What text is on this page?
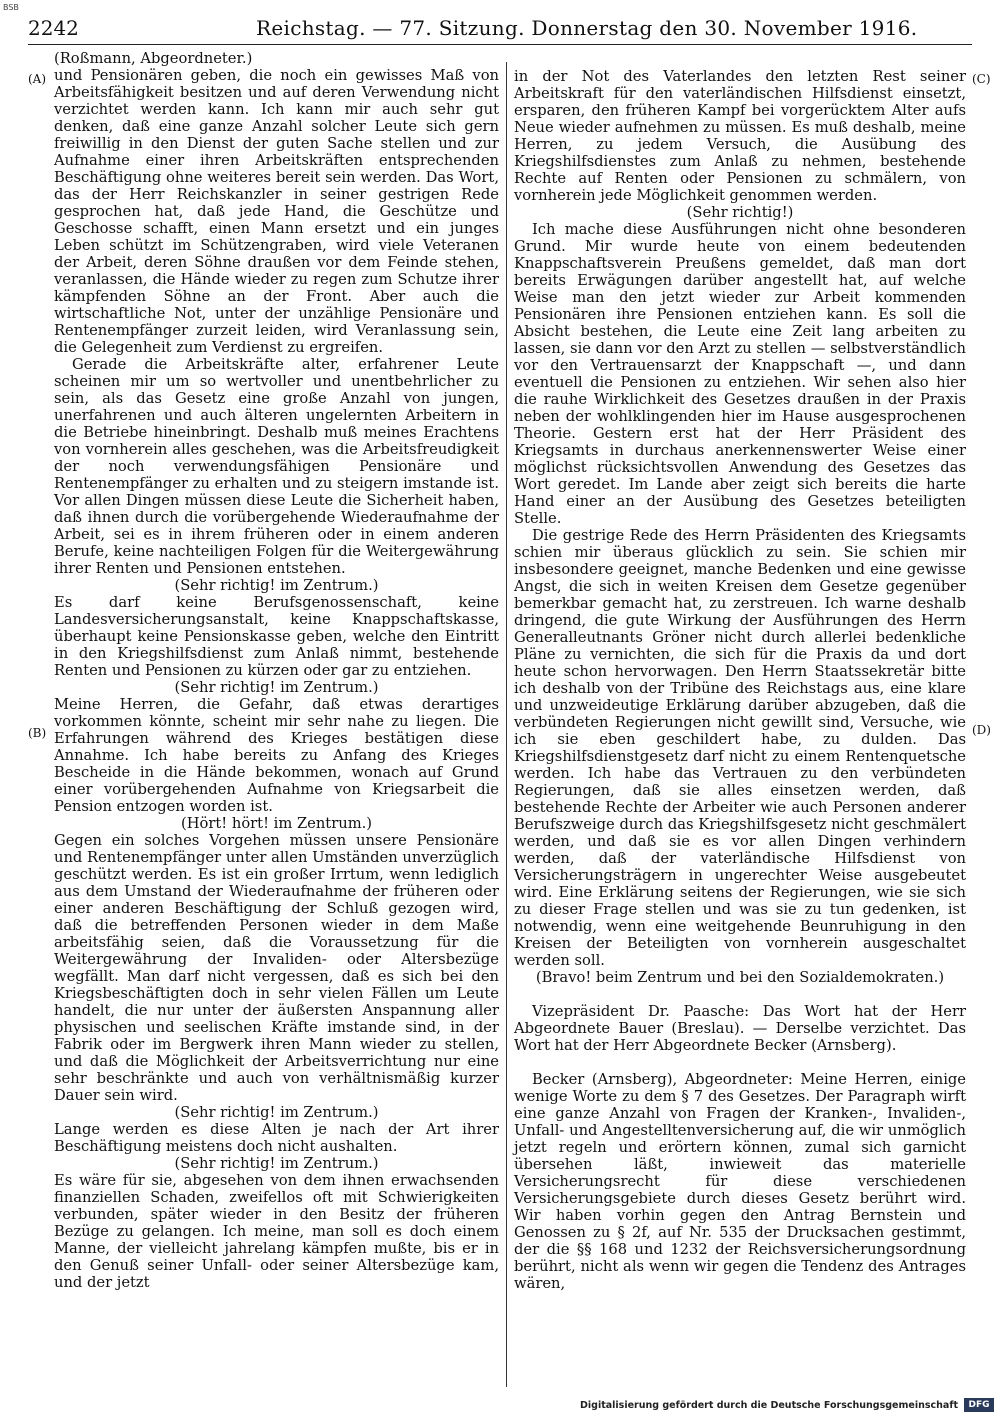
BSB
2242	Reichstag. — 77. Sitzung. Donnerstag den 30. November 1916.
(A)
(B)
(C)
(D)

(Roßmann, Abgeordneter.)

und Pensionären geben, die noch ein gewisses Maß von Arbeitsfähigkeit besitzen und auf deren Verwendung nicht verzichtet werden kann. Ich kann mir auch sehr gut denken, daß eine ganze Anzahl solcher Leute sich gern freiwillig in den Dienst der guten Sache stellen und zur Aufnahme einer ihren Arbeitskräften entsprechenden Beschäftigung ohne weiteres bereit sein werden. Das Wort, das der Herr Reichskanzler in seiner gestrigen Rede gesprochen hat, daß jede Hand, die Geschütze und Geschosse schafft, einen Mann ersetzt und ein junges Leben schützt im Schützengraben, wird viele Veteranen der Arbeit, deren Söhne draußen vor dem Feinde stehen, veranlassen, die Hände wieder zu regen zum Schutze ihrer kämpfenden Söhne an der Front. Aber auch die wirtschaftliche Not, unter der unzählige Pensionäre und Rentenempfänger zurzeit leiden, wird Veranlassung sein, die Gelegenheit zum Verdienst zu ergreifen.

Gerade die Arbeitskräfte alter, erfahrener Leute scheinen mir um so wertvoller und unentbehrlicher zu sein, als das Gesetz eine große Anzahl von jungen, unerfahrenen und auch älteren ungelernten Arbeitern in die Betriebe hineinbringt. Deshalb muß meines Erachtens von vornherein alles geschehen, was die Arbeitsfreudigkeit der noch verwendungsfähigen Pensionäre und Rentenempfänger zu erhalten und zu steigern imstande ist. Vor allen Dingen müssen diese Leute die Sicherheit haben, daß ihnen durch die vorübergehende Wiederaufnahme der Arbeit, sei es in ihrem früheren oder in einem anderen Berufe, keine nachteiligen Folgen für die Weitergewährung ihrer Renten und Pensionen entstehen.

(Sehr richtig! im Zentrum.)

Es darf keine Berufsgenossenschaft, keine Landesversicherungsanstalt, keine Knappschaftskasse, überhaupt keine Pensionskasse geben, welche den Eintritt in den Kriegshilfsdienst zum Anlaß nimmt, bestehende Renten und Pensionen zu kürzen oder gar zu entziehen.

(Sehr richtig! im Zentrum.)

Meine Herren, die Gefahr, daß etwas derartiges vorkommen könnte, scheint mir sehr nahe zu liegen. Die Erfahrungen während des Krieges bestätigen diese Annahme. Ich habe bereits zu Anfang des Krieges Bescheide in die Hände bekommen, wonach auf Grund einer vorübergehenden Aufnahme von Kriegsarbeit die Pension entzogen worden ist.

(Hört! hört! im Zentrum.)

Gegen ein solches Vorgehen müssen unsere Pensionäre und Rentenempfänger unter allen Umständen unverzüglich geschützt werden. Es ist ein großer Irrtum, wenn lediglich aus dem Umstand der Wiederaufnahme der früheren oder einer anderen Beschäftigung der Schluß gezogen wird, daß die betreffenden Personen wieder in dem Maße arbeitsfähig seien, daß die Voraussetzung für die Weitergewährung der Invaliden- oder Altersbezüge wegfällt. Man darf nicht vergessen, daß es sich bei den Kriegsbeschäftigten doch in sehr vielen Fällen um Leute handelt, die nur unter der äußersten Anspannung aller physischen und seelischen Kräfte imstande sind, in der Fabrik oder im Bergwerk ihren Mann wieder zu stellen, und daß die Möglichkeit der Arbeitsverrichtung nur eine sehr beschränkte und auch von verhältnismäßig kurzer Dauer sein wird.

(Sehr richtig! im Zentrum.)

Lange werden es diese Alten je nach der Art ihrer Beschäftigung meistens doch nicht aushalten.

(Sehr richtig! im Zentrum.)

Es wäre für sie, abgesehen von dem ihnen erwachsenden finanziellen Schaden, zweifellos oft mit Schwierigkeiten verbunden, später wieder in den Besitz der früheren Bezüge zu gelangen. Ich meine, man soll es doch einem Manne, der vielleicht jahrelang kämpfen mußte, bis er in den Genuß seiner Unfall- oder seiner Altersbezüge kam, und der jetzt

in der Not des Vaterlandes den letzten Rest seiner Arbeitskraft für den vaterländischen Hilfsdienst einsetzt, ersparen, den früheren Kampf bei vorgerücktem Alter aufs Neue wieder aufnehmen zu müssen. Es muß deshalb, meine Herren, zu jedem Versuch, die Ausübung des Kriegshilfsdienstes zum Anlaß zu nehmen, bestehende Rechte auf Renten oder Pensionen zu schmälern, von vornherein jede Möglichkeit genommen werden.

(Sehr richtig!)

Ich mache diese Ausführungen nicht ohne besonderen Grund. Mir wurde heute von einem bedeutenden Knappschaftsverein Preußens gemeldet, daß man dort bereits Erwägungen darüber angestellt hat, auf welche Weise man den jetzt wieder zur Arbeit kommenden Pensionären ihre Pensionen entziehen kann. Es soll die Absicht bestehen, die Leute eine Zeit lang arbeiten zu lassen, sie dann vor den Arzt zu stellen — selbstverständlich vor den Vertrauensarzt der Knappschaft —, und dann eventuell die Pensionen zu entziehen. Wir sehen also hier die rauhe Wirklichkeit des Gesetzes draußen in der Praxis neben der wohlklingenden hier im Hause ausgesprochenen Theorie. Gestern erst hat der Herr Präsident des Kriegsamts in durchaus anerkennenswerter Weise einer möglichst rücksichtsvollen Anwendung des Gesetzes das Wort geredet. Im Lande aber zeigt sich bereits die harte Hand einer an der Ausübung des Gesetzes beteiligten Stelle.

Die gestrige Rede des Herrn Präsidenten des Kriegsamts schien mir überaus glücklich zu sein. Sie schien mir insbesondere geeignet, manche Bedenken und eine gewisse Angst, die sich in weiten Kreisen dem Gesetze gegenüber bemerkbar gemacht hat, zu zerstreuen. Ich warne deshalb dringend, die gute Wirkung der Ausführungen des Herrn Generalleutnants Gröner nicht durch allerlei bedenkliche Pläne zu vernichten, die sich für die Praxis da und dort heute schon hervorwagen. Den Herrn Staatssekretär bitte ich deshalb von der Tribüne des Reichstags aus, eine klare und unzweideutige Erklärung darüber abzugeben, daß die verbündeten Regierungen nicht gewillt sind, Versuche, wie ich sie eben geschildert habe, zu dulden. Das Kriegshilfsdienstgesetz darf nicht zu einem Rentenquetsche werden. Ich habe das Vertrauen zu den verbündeten Regierungen, daß sie alles einsetzen werden, daß bestehende Rechte der Arbeiter wie auch Personen anderer Berufszweige durch das Kriegshilfsgesetz nicht geschmälert werden, und daß sie es vor allen Dingen verhindern werden, daß der vaterländische Hilfsdienst von Versicherungsträgern in ungerechter Weise ausgebeutet wird. Eine Erklärung seitens der Regierungen, wie sie sich zu dieser Frage stellen und was sie zu tun gedenken, ist notwendig, wenn eine weitgehende Beunruhigung in den Kreisen der Beteiligten von vornherein ausgeschaltet werden soll.

(Bravo! beim Zentrum und bei den Sozialdemokraten.)

Vizepräsident Dr. Paasche: Das Wort hat der Herr Abgeordnete Bauer (Breslau). — Derselbe verzichtet. Das Wort hat der Herr Abgeordnete Becker (Arnsberg).

Becker (Arnsberg), Abgeordneter: Meine Herren, einige wenige Worte zu dem § 7 des Gesetzes. Der Paragraph wirft eine ganze Anzahl von Fragen der Kranken-, Invaliden-, Unfall- und Angestelltenversicherung auf, die wir unmöglich jetzt regeln und erörtern können, zumal sich garnicht übersehen läßt, inwieweit das materielle Versicherungsrecht für diese verschiedenen Versicherungsgebiete durch dieses Gesetz berührt wird. Wir haben vorhin gegen den Antrag Bernstein und Genossen zu § 2f, auf Nr. 535 der Drucksachen gestimmt, der die §§ 168 und 1232 der Reichsversicherungsordnung berührt, nicht als wenn wir gegen die Tendenz des Antrages wären,

Digitalisierung gefördert durch die Deutsche Forschungsgemeinschaft	DFG
